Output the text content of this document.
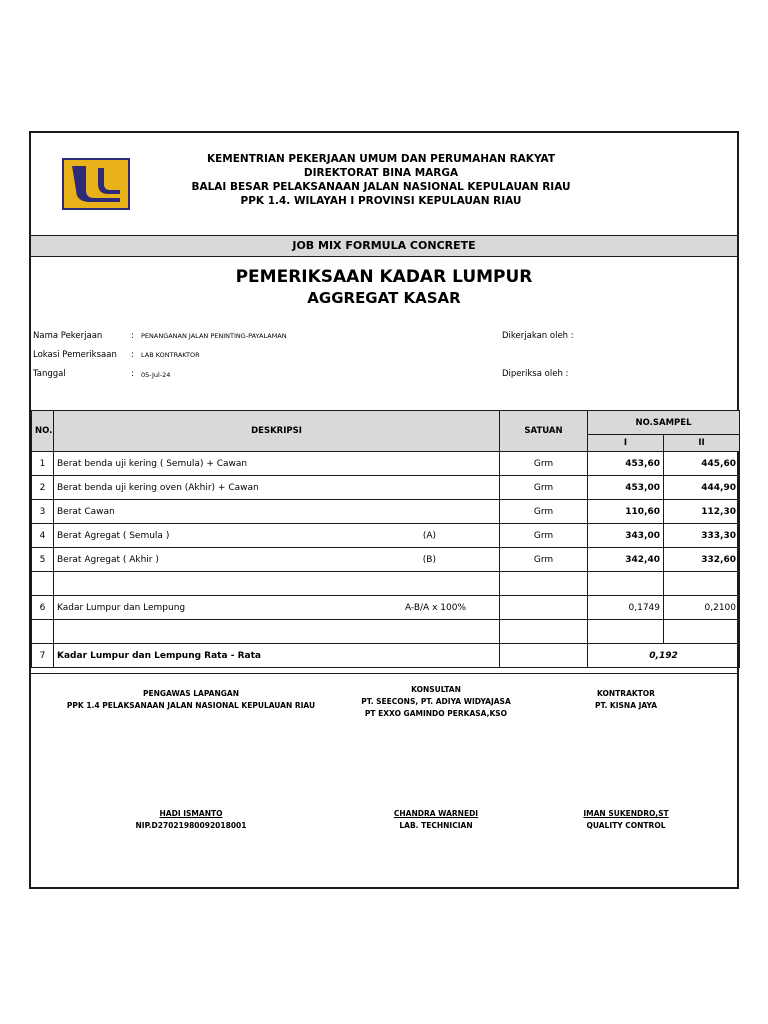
KEMENTRIAN PEKERJAAN UMUM DAN PERUMAHAN RAKYAT
DIREKTORAT BINA MARGA
BALAI BESAR PELAKSANAAN JALAN NASIONAL KEPULAUAN RIAU
PPK 1.4. WILAYAH I PROVINSI KEPULAUAN RIAU
JOB MIX FORMULA CONCRETE
PEMERIKSAAN KADAR LUMPUR
AGGREGAT KASAR
Nama Pekerjaan	: PENANGANAN JALAN PENINTING-PAYALAMAN
Lokasi Pemeriksaan : LAB KONTRAKTOR
Tanggal	: 05-Jul-24
Dikerjakan oleh :
Diperiksa oleh :
NO.	DESKRIPSI	SATUAN	NO.SAMPEL	
			I	II
1	Berat benda uji kering ( Semula) + Cawan	Grm	453,60	445,60
2	Berat benda uji kering oven (Akhir) + Cawan	Grm	453,00	444,90
3	Berat Cawan	Grm	110,60	112,30
4	Berat Agregat ( Semula ) (A)	Grm	343,00	333,30
5	Berat Agregat ( Akhir ) (B)	Grm	342,40	332,60

6	Kadar Lumpur dan Lempung A-B/A x 100%		0,1749	0,2100

7	Kadar Lumpur dan Lempung Rata - Rata		0,192	
PENGAWAS LAPANGAN
PPK 1.4 PELAKSANAAN JALAN NASIONAL KEPULAUAN RIAU
HADI ISMANTO
NIP.D27021980092018001
KONSULTAN
PT. SEECONS, PT. ADIYA WIDYAJASA
PT EXXO GAMINDO PERKASA,KSO
CHANDRA WARNEDI
LAB. TECHNICIAN
KONTRAKTOR
PT. KISNA JAYA
IMAN SUKENDRO,ST
QUALITY CONTROL
